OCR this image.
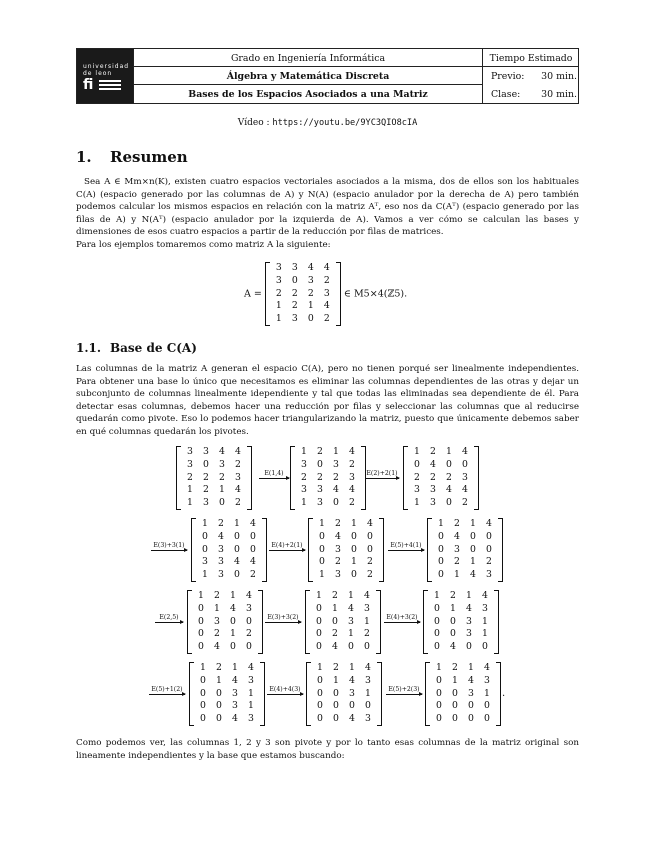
universidad de leon
fi
Grado en Ingeniería Informática
Álgebra y Matemática Discreta
Bases de los Espacios Asociados a una Matriz
Tiempo Estimado
Previo:	30 min.
Clase:	30 min.
Vídeo : https://youtu.be/9YC3QIO8cIA
1. Resumen
Sea A ∈ Mm×n(K), existen cuatro espacios vectoriales asociados a la misma, dos de ellos son los habituales C(A) (espacio generado por las columnas de A) y N(A) (espacio anulador por la derecha de A) pero también podemos calcular los mismos espacios en relación con la matriz Aᵀ, eso nos da C(Aᵀ) (espacio generado por las filas de A) y N(Aᵀ) (espacio anulador por la izquierda de A). Vamos a ver cómo se calculan las bases y dimensiones de esos cuatro espacios a partir de la reducción por filas de matrices.
Para los ejemplos tomaremos como matriz A la siguiente:
A =
3	3	4	4
3	0	3	2
2	2	2	3
1	2	1	4
1	3	0	2
∈ M5×4(ℤ5).
1.1. Base de C(A)
Las columnas de la matriz A generan el espacio C(A), pero no tienen porqué ser linealmente independientes. Para obtener una base lo único que necesitamos es eliminar las columnas dependientes de las otras y dejar un subconjunto de columnas linealmente idependiente y tal que todas las eliminadas sea dependiente de él. Para detectar esas columnas, debemos hacer una reducción por filas y seleccionar las columnas que al reducirse quedarán como pivote. Eso lo podemos hacer triangularizando la matriz, puesto que únicamente debemos saber en qué columnas quedarán los pivotes.
3	3	4	4
3	0	3	2
2	2	2	3
1	2	1	4
1	3	0	2
E(1,4)
1	2	1	4
3	0	3	2
2	2	2	3
3	3	4	4
1	3	0	2
E(2)+2(1)
1	2	1	4
0	4	0	0
2	2	2	3
3	3	4	4
1	3	0	2
E(3)+3(1)
1	2	1	4
0	4	0	0
0	3	0	0
3	3	4	4
1	3	0	2
E(4)+2(1)
1	2	1	4
0	4	0	0
0	3	0	0
0	2	1	2
1	3	0	2
E(5)+4(1)
1	2	1	4
0	4	0	0
0	3	0	0
0	2	1	2
0	1	4	3
E(2,5)
1	2	1	4
0	1	4	3
0	3	0	0
0	2	1	2
0	4	0	0
E(3)+3(2)
1	2	1	4
0	1	4	3
0	0	3	1
0	2	1	2
0	4	0	0
E(4)+3(2)
1	2	1	4
0	1	4	3
0	0	3	1
0	0	3	1
0	4	0	0
E(5)+1(2)
1	2	1	4
0	1	4	3
0	0	3	1
0	0	3	1
0	0	4	3
E(4)+4(3)
1	2	1	4
0	1	4	3
0	0	3	1
0	0	0	0
0	0	4	3
E(5)+2(3)
1	2	1	4
0	1	4	3
0	0	3	1
0	0	0	0
0	0	0	0
.
Como podemos ver, las columnas 1, 2 y 3 son pivote y por lo tanto esas columnas de la matriz original son lineamente independientes y la base que estamos buscando:
